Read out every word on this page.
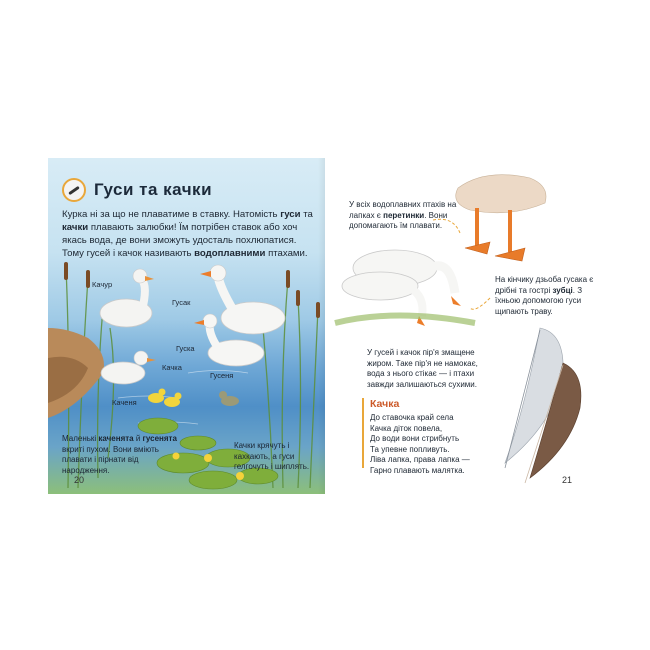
Гуси та качки
Курка ні за що не плаватиме в ставку. Натомість гуси та качки плавають залюбки! Їм потрібен ставок або хоч якась вода, де вони зможуть удосталь похлюпатися. Тому гусей і качок називають водоплавними птахами.
Качур
Гусак
Гуска
Качка
Гусеня
Каченя
Маленькі каченята й гусенята вкриті пухом. Вони вміють плавати і пірнати від народження.
Качки крячуть і кахкають, а гуси гелгочуть і шиплять.
20
У всіх водоплавних птахів на лапках є перетинки. Вони допомагають їм плавати.
На кінчику дзьоба гусака є дрібні та гострі зубці. З їхньою допомогою гуси щипають траву.
У гусей і качок пір'я змащене жиром. Таке пір'я не намокає, вода з нього стікає — і птахи завжди залишаються сухими.
Качка
До ставочка край села
Качка діток повела,
До води вони стрибнуть
Та упевне попливуть.
Ліва лапка, права лапка —
Гарно плавають малятка.
21
